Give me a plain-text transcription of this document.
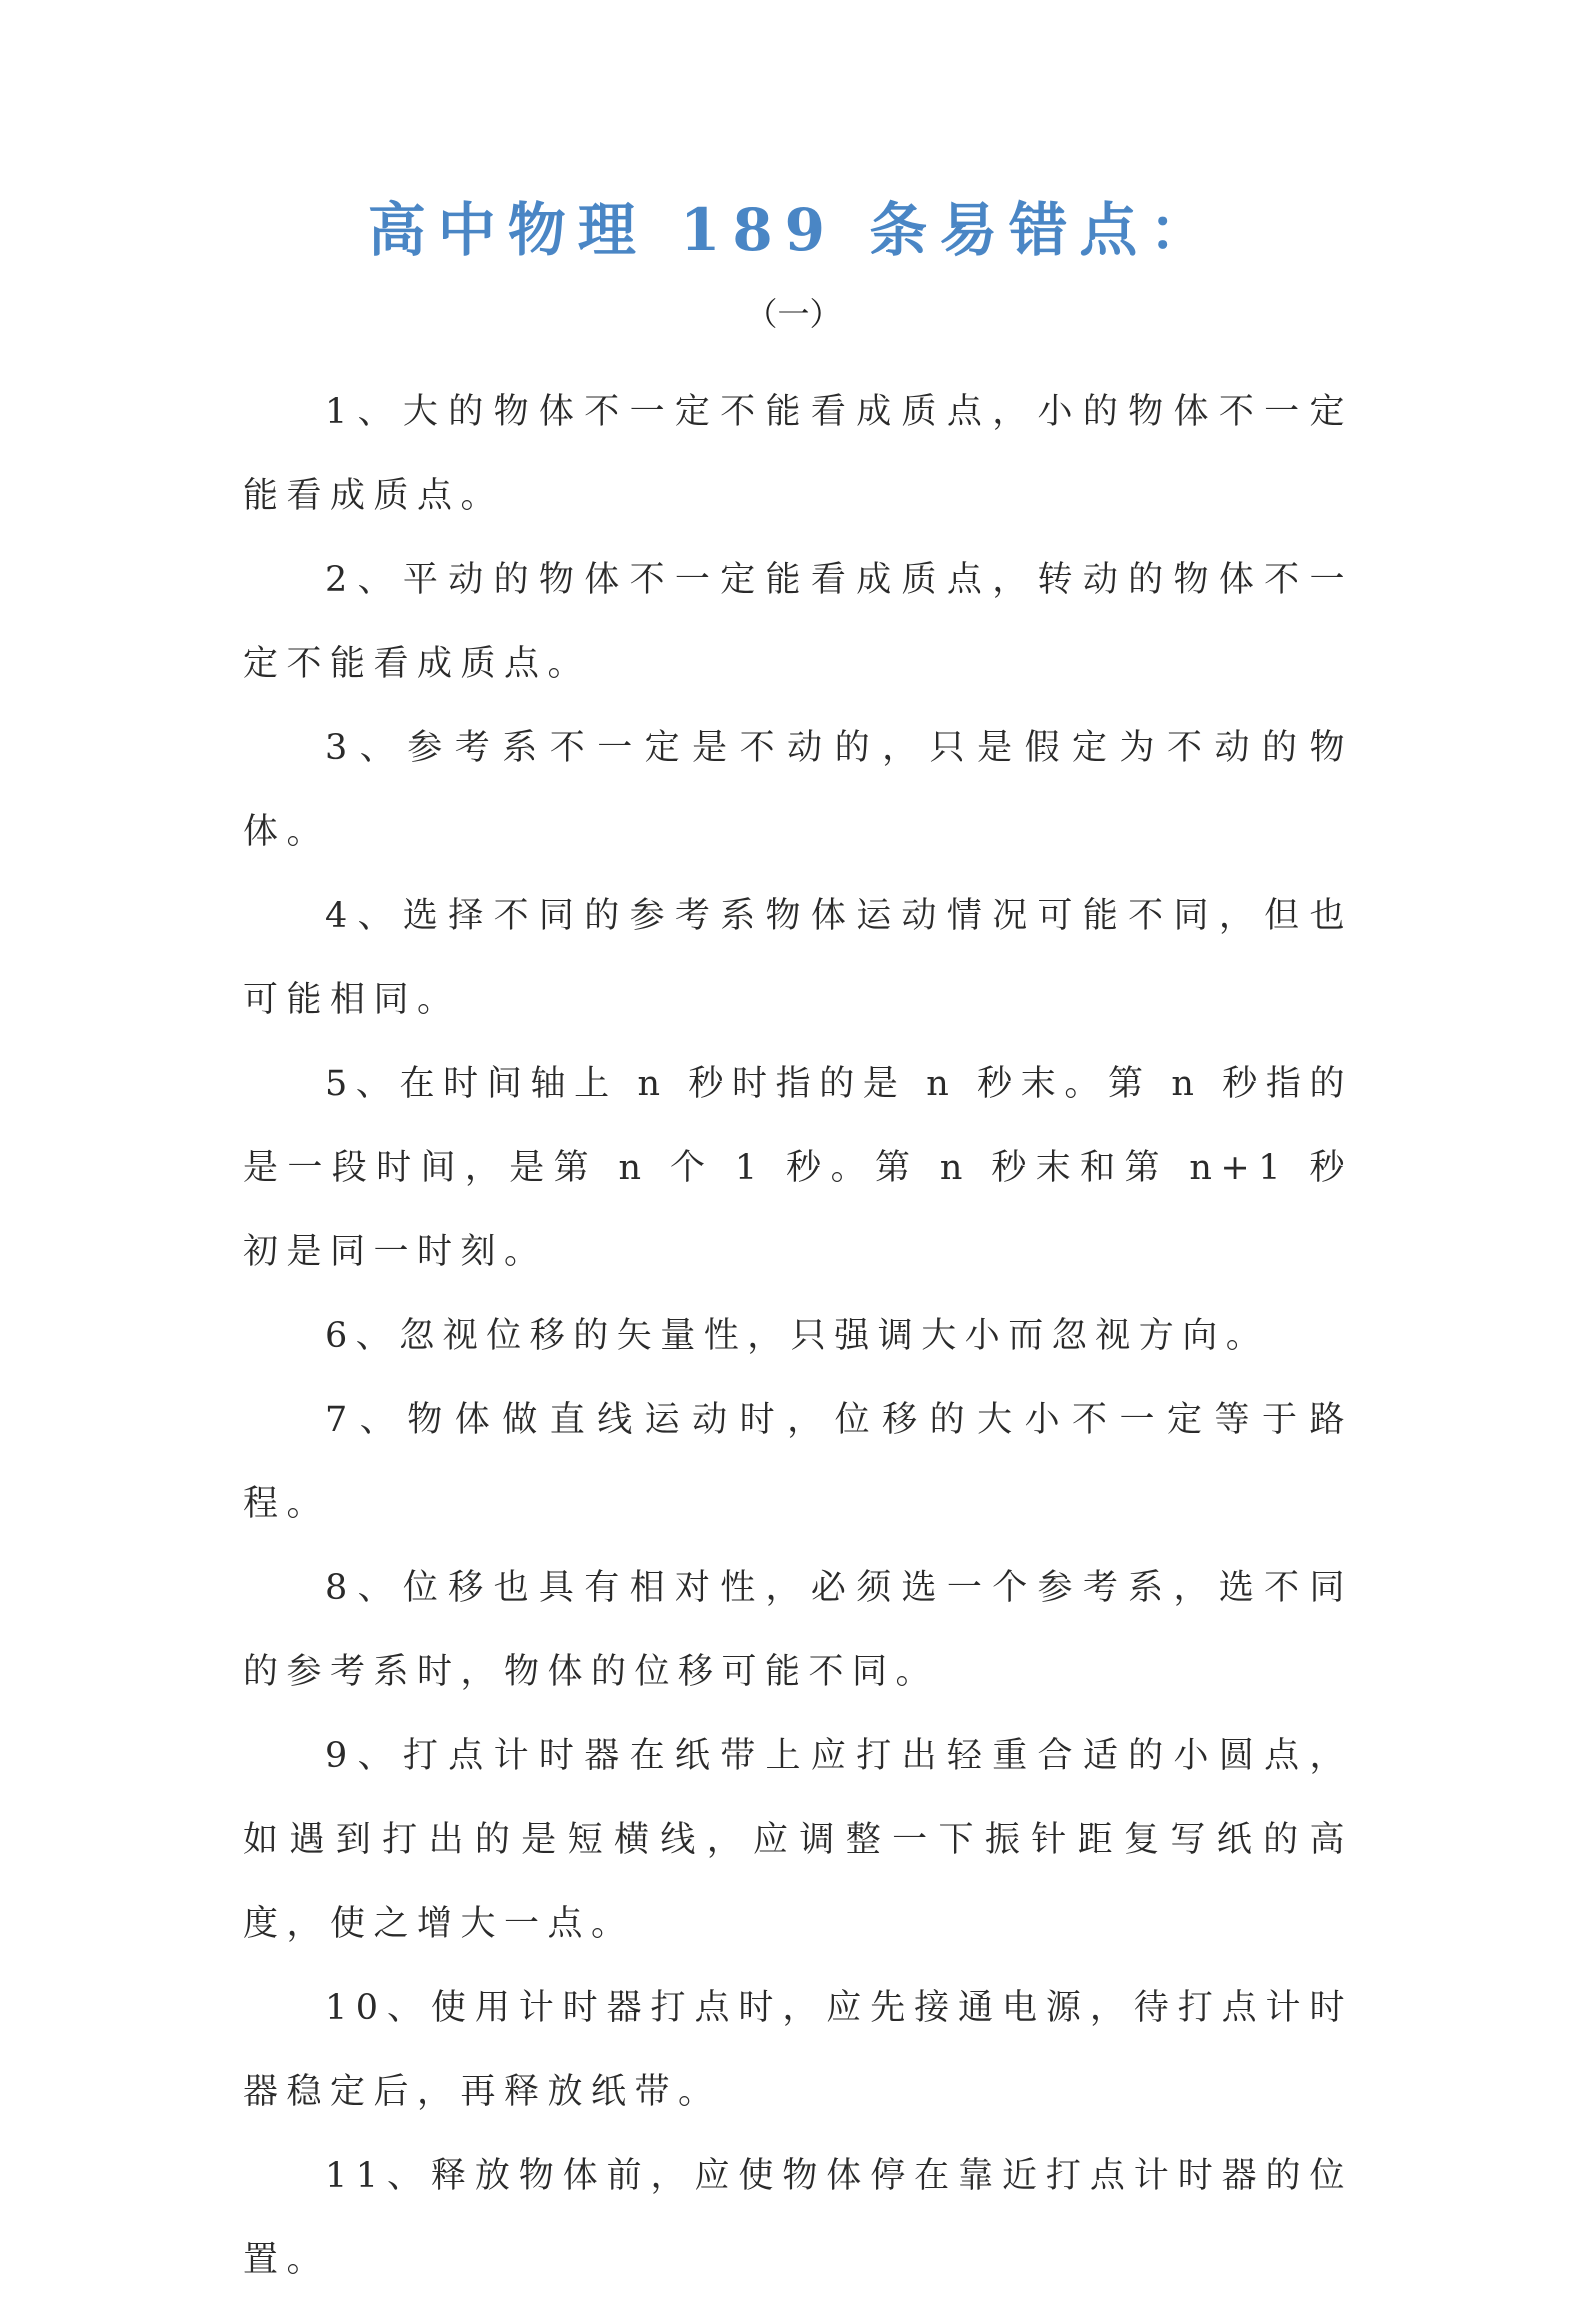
高中物理 189 条易错点：
（一）

1、大的物体不一定不能看成质点，小的物体不一定能看成质点。

2、平动的物体不一定能看成质点，转动的物体不一定不能看成质点。

3、参考系不一定是不动的，只是假定为不动的物体。

4、选择不同的参考系物体运动情况可能不同，但也可能相同。

5、在时间轴上 n 秒时指的是 n 秒末。第 n 秒指的是一段时间，是第 n 个 1 秒。第 n 秒末和第 n+1 秒初是同一时刻。

6、忽视位移的矢量性，只强调大小而忽视方向。

7、物体做直线运动时，位移的大小不一定等于路程。

8、位移也具有相对性，必须选一个参考系，选不同的参考系时，物体的位移可能不同。

9、打点计时器在纸带上应打出轻重合适的小圆点，如遇到打出的是短横线，应调整一下振针距复写纸的高度，使之增大一点。

10、使用计时器打点时，应先接通电源，待打点计时器稳定后，再释放纸带。

11、释放物体前，应使物体停在靠近打点计时器的位置。
